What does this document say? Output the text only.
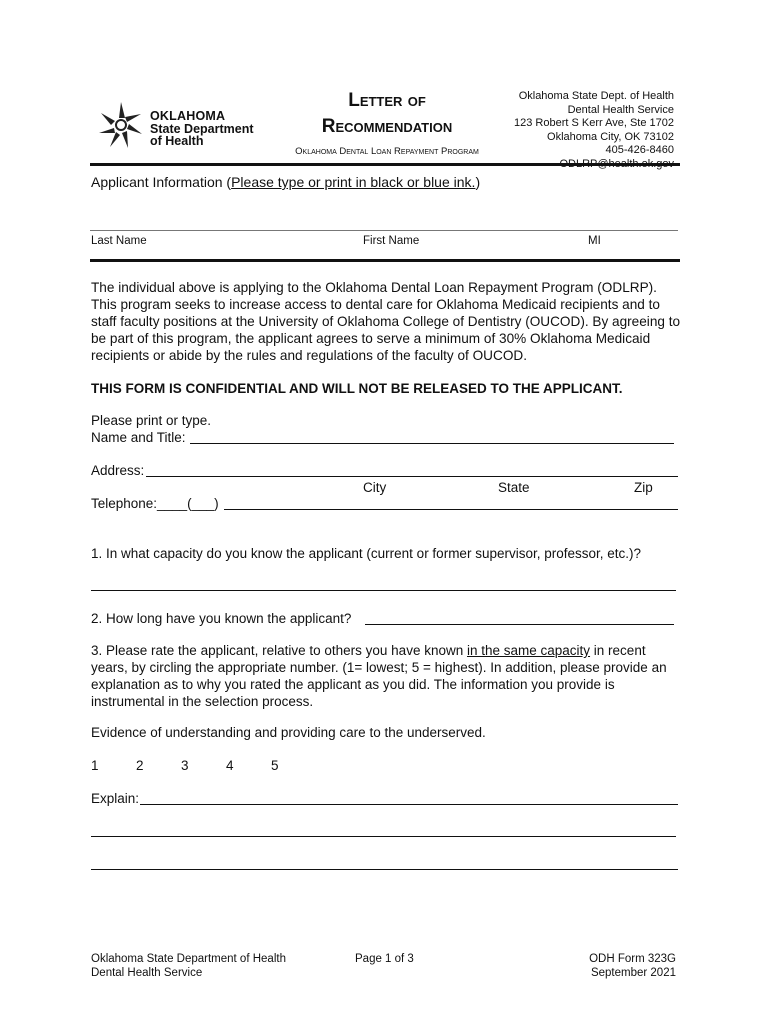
OKLAHOMA
State Department
of Health
Letter of
Recommendation
Oklahoma Dental Loan Repayment Program
Oklahoma State Dept. of Health
Dental Health Service
123 Robert S Kerr Ave, Ste 1702
Oklahoma City, OK 73102
405-426-8460
ODLRP@health.ok.gov
Applicant Information (Please type or print in black or blue ink.)
Last Name	First Name	MI
The individual above is applying to the Oklahoma Dental Loan Repayment Program (ODLRP). This program seeks to increase access to dental care for Oklahoma Medicaid recipients and to staff faculty positions at the University of Oklahoma College of Dentistry (OUCOD). By agreeing to be part of this program, the applicant agrees to serve a minimum of 30% Oklahoma Medicaid recipients or abide by the rules and regulations of the faculty of OUCOD.
THIS FORM IS CONFIDENTIAL AND WILL NOT BE RELEASED TO THE APPLICANT.
Please print or type.
Name and Title:
Address:
City	State	Zip
Telephone:____(___)
1. In what capacity do you know the applicant (current or former supervisor, professor, etc.)?
2. How long have you known the applicant?
3. Please rate the applicant, relative to others you have known in the same capacity in recent years, by circling the appropriate number. (1= lowest; 5 = highest). In addition, please provide an explanation as to why you rated the applicant as you did. The information you provide is instrumental in the selection process.
Evidence of understanding and providing care to the underserved.
1	2	3	4	5
Explain:
Oklahoma State Department of Health
Dental Health Service
Page 1 of 3	ODH Form 323G
September 2021
